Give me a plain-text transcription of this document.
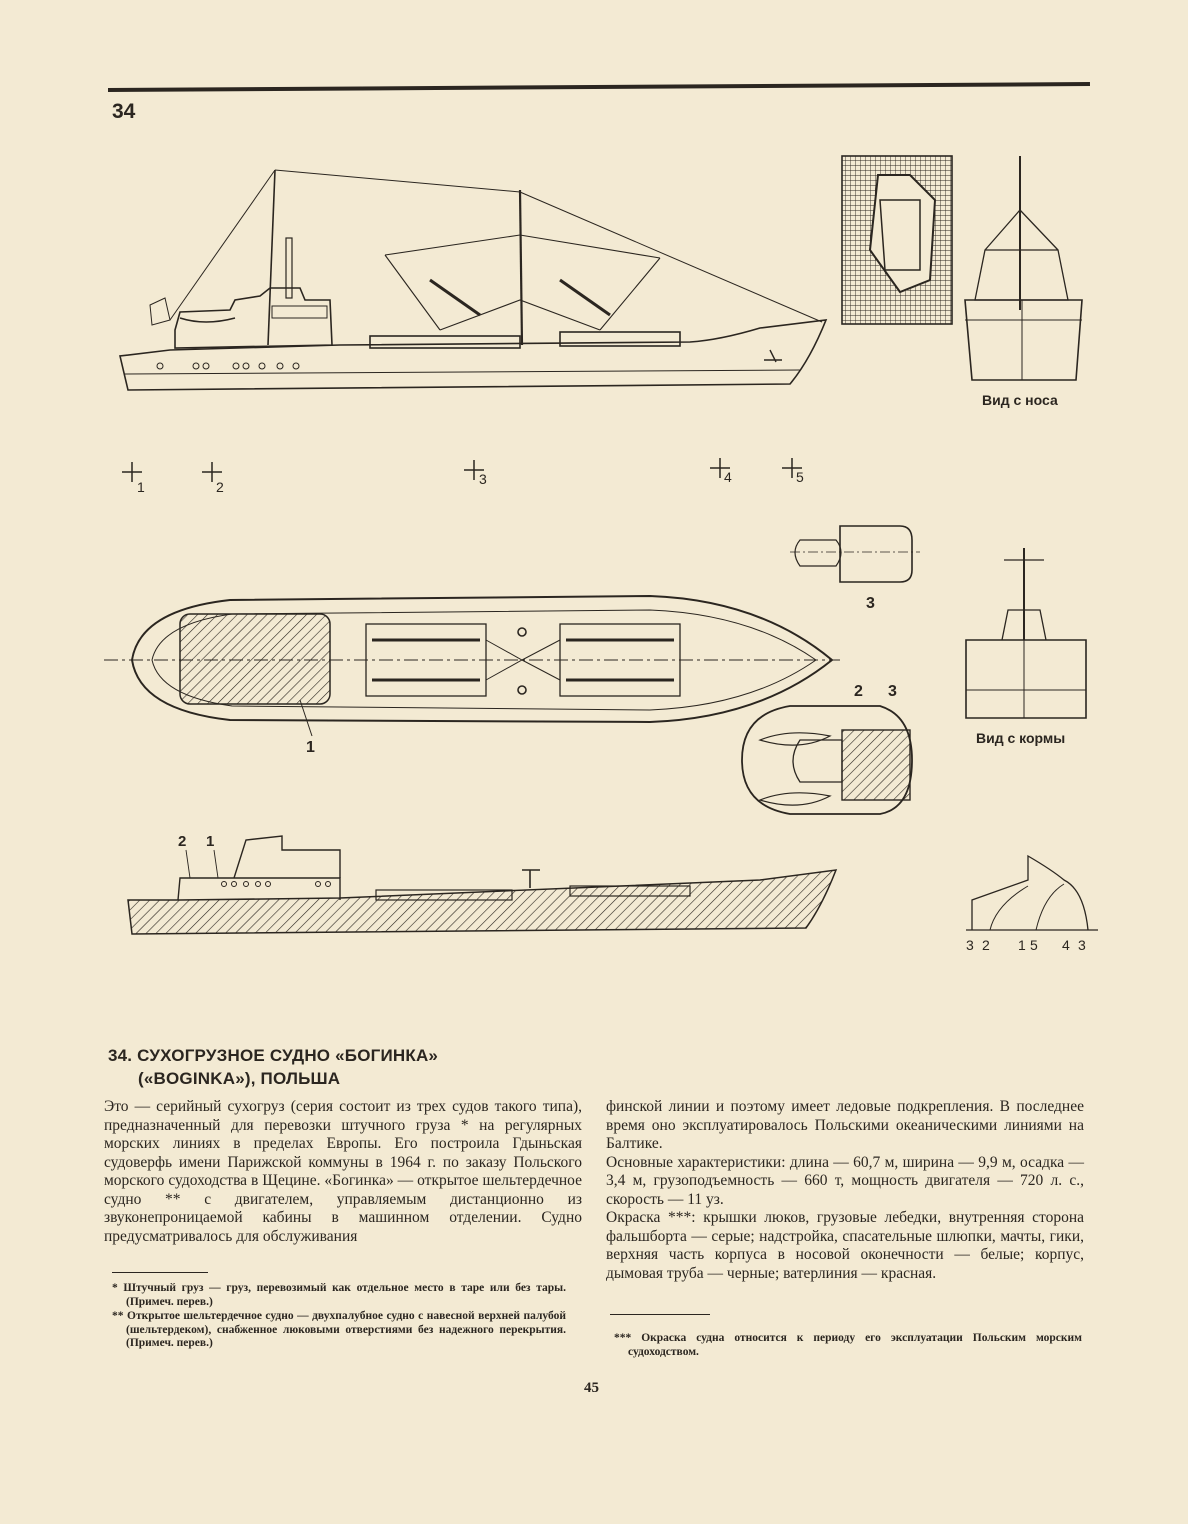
34
1	2	3	4	5
1
3
2 3
2 1
3 2 1 5 4 3
Вид с носа
Вид с кормы
34. СУХОГРУЗНОЕ СУДНО «БОГИНКА»
(«BOGINKA»), ПОЛЬША

Это — серийный сухогруз (серия состоит из трех судов такого типа), предназначенный для перевозки штучного груза * на регулярных морских линиях в пределах Европы. Его построила Гдыньская судоверфь имени Парижской коммуны в 1964 г. по заказу Польского морского судоходства в Щецине. «Богинка» — открытое шельтердечное судно ** с двигателем, управляемым дистанционно из звуконепроницаемой кабины в машинном отделении. Судно предусматривалось для обслуживания

финской линии и поэтому имеет ледовые подкрепления. В последнее время оно эксплуатировалось Польскими океаническими линиями на Балтике.

Основные характеристики: длина — 60,7 м, ширина — 9,9 м, осадка — 3,4 м, грузоподъемность — 660 т, мощность двигателя — 720 л. с., скорость — 11 уз.

Окраска ***: крышки люков, грузовые лебедки, внутренняя сторона фальшборта — серые; надстройка, спасательные шлюпки, мачты, гики, верхняя часть корпуса в носовой оконечности — белые; корпус, дымовая труба — черные; ватерлиния — красная.

* Штучный груз — груз, перевозимый как отдельное место в таре или без тары. (Примеч. перев.)
** Открытое шельтердечное судно — двухпалубное судно с навесной верхней палубой (шельтердеком), снабженное люковыми отверстиями без надежного перекрытия. (Примеч. перев.)	*** Окраска судна относится к периоду его эксплуатации Польским морским судоходством.
45
